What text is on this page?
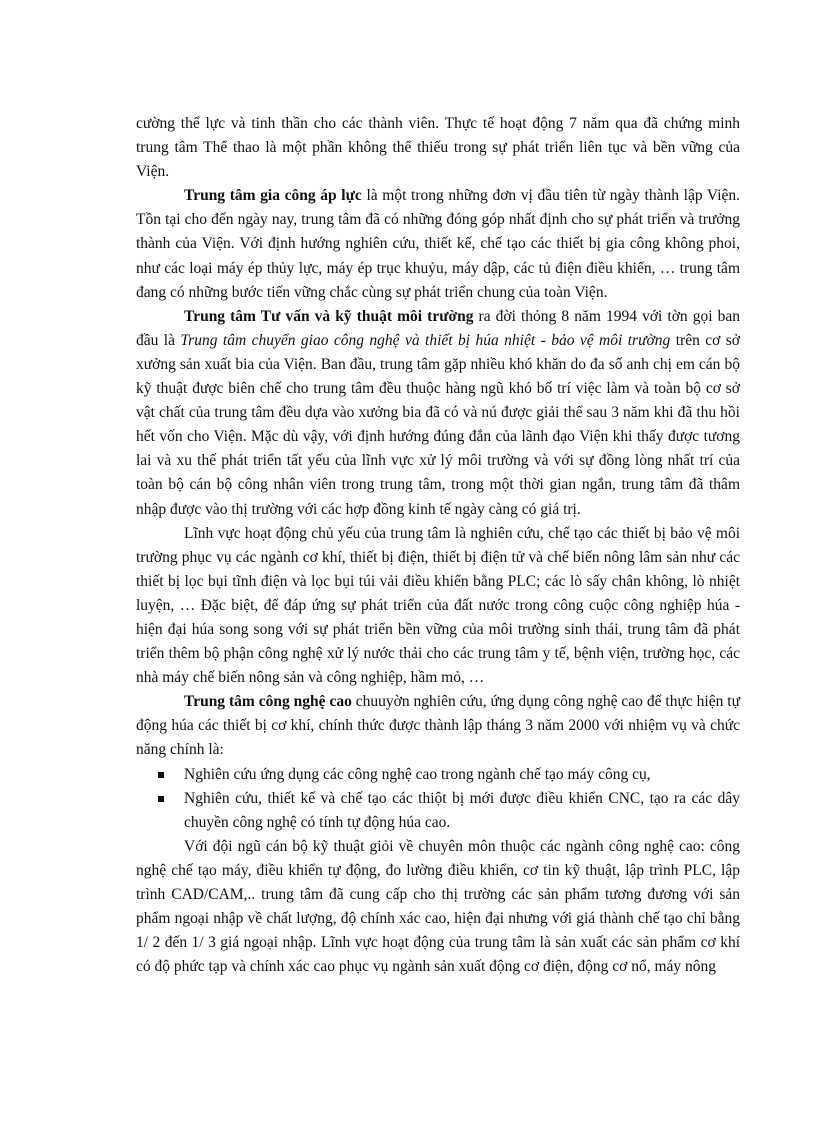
cường thể lực và tinh thần cho các thành viên. Thực tế hoạt động 7 năm qua đã chứng minh trung tâm Thể thao là một phần không thể thiếu trong sự phát triển liên tục và bền vững của Viện.

Trung tâm gia công áp lực là một trong những đơn vị đầu tiên từ ngày thành lập Viện. Tồn tại cho đến ngày nay, trung tâm đã có những đóng góp nhất định cho sự phát triển và trưởng thành của Viện. Với định hướng nghiên cứu, thiết kế, chế tạo các thiết bị gia công không phoi, như các loại máy ép thủy lực, máy ép trục khuỷu, máy dập, các tủ điện điều khiển, … trung tâm đang có những bước tiến vững chắc cùng sự phát triển chung của toàn Viện.

Trung tâm Tư vấn và kỹ thuật môi trường ra đời thỏng 8 năm 1994 với tờn gọi ban đầu là Trung tâm chuyển giao công nghệ và thiết bị húa nhiệt - bảo vệ môi trường trên cơ sở xưởng sản xuất bia của Viện. Ban đầu, trung tâm gặp nhiều khó khăn do đa số anh chị em cán bộ kỹ thuật được biên chế cho trung tâm đều thuộc hàng ngũ khó bố trí việc làm và toàn bộ cơ sở vật chất của trung tâm đều dựa vào xưởng bia đã có và nú được giải thể sau 3 năm khi đã thu hồi hết vốn cho Viện. Mặc dù vậy, với định hướng đúng đắn của lãnh đạo Viện khi thấy được tương lai và xu thế phát triển tất yếu của lĩnh vực xử lý môi trường và với sự đồng lòng nhất trí của toàn bộ cán bộ công nhân viên trong trung tâm, trong một thời gian ngắn, trung tâm đã thâm nhập được vào thị trường với các hợp đồng kinh tế ngày càng có giá trị.

Lĩnh vực hoạt động chủ yếu của trung tâm là nghiên cứu, chế tạo các thiết bị bảo vệ môi trường phục vụ các ngành cơ khí, thiết bị điện, thiết bị điện tử và chế biến nông lâm sản như các thiết bị lọc bụi tĩnh điện và lọc bụi túi vải điều khiển bằng PLC; các lò sấy chân không, lò nhiệt luyện, … Đặc biệt, để đáp ứng sự phát triển của đất nước trong công cuộc công nghiệp húa - hiện đại húa song song với sự phát triển bền vững của môi trường sinh thái, trung tâm đã phát triển thêm bộ phận công nghệ xử lý nước thải cho các trung tâm y tế, bệnh viện, trường học, các nhà máy chế biến nông sản và công nghiệp, hầm mỏ, …

Trung tâm công nghệ cao chuuyờn nghiên cứu, ứng dụng công nghệ cao để thực hiện tự động húa các thiết bị cơ khí, chính thức được thành lập tháng 3 năm 2000 với nhiệm vụ và chức năng chính là:

Nghiên cứu ứng dụng các công nghệ cao trong ngành chế tạo máy công cụ,
Nghiên cứu, thiết kế và chế tạo các thiột bị mới được điều khiển CNC, tạo ra các dây chuyền công nghệ có tính tự động húa cao.

Với đội ngũ cán bộ kỹ thuật giỏi về chuyên môn thuộc các ngành công nghệ cao: công nghệ chế tạo máy, điều khiển tự động, đo lường điều khiển, cơ tin kỹ thuật, lập trình PLC, lập trình CAD/CAM,.. trung tâm đã cung cấp cho thị trường các sản phẩm tương đương với sản phẩm ngoại nhập về chất lượng, độ chính xác cao, hiện đại nhưng với giá thành chế tạo chỉ bằng 1/ 2 đến 1/ 3 giá ngoại nhập. Lĩnh vực hoạt động của trung tâm là sản xuất các sản phẩm cơ khí có độ phức tạp và chính xác cao phục vụ ngành sản xuất động cơ điện, động cơ nổ, máy nông
